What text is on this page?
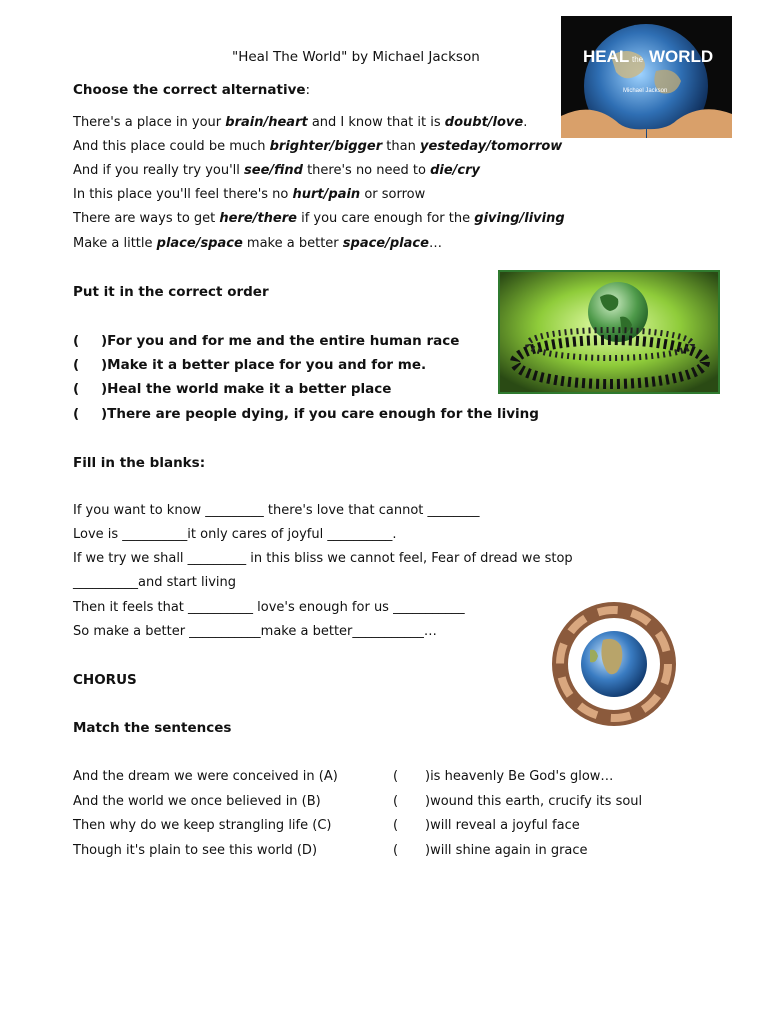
"Heal The World" by Michael Jackson	HEAL the WORLD
Michael Jackson
Choose the correct alternative:
There's a place in your brain/heart and I know that it is doubt/love.
And this place could be much brighter/bigger than yesteday/tomorrow
And if you really try you'll see/find there's no need to die/cry
In this place you'll feel there's no hurt/pain or sorrow
There are ways to get here/there if you care enough for the giving/living
Make a little place/space make a better space/place…
Put it in the correct order
( )For you and for me and the entire human race
( )Make it a better place for you and for me.
( )Heal the world make it a better place
( )There are people dying, if you care enough for the living
Fill in the blanks:
If you want to know _________ there's love that cannot ________
Love is __________it only cares of joyful __________.
If we try we shall _________ in this bliss we cannot feel, Fear of dread we stop
__________and start living
Then it feels that __________ love's enough for us ___________
So make a better ___________make a better___________…
CHORUS
Match the sentences
And the dream we were conceived in (A)	( )is heavenly Be God's glow…
And the world we once believed in (B)	( )wound this earth, crucify its soul
Then why do we keep strangling life (C)	( )will reveal a joyful face
Though it's plain to see this world (D)	( )will shine again in grace
